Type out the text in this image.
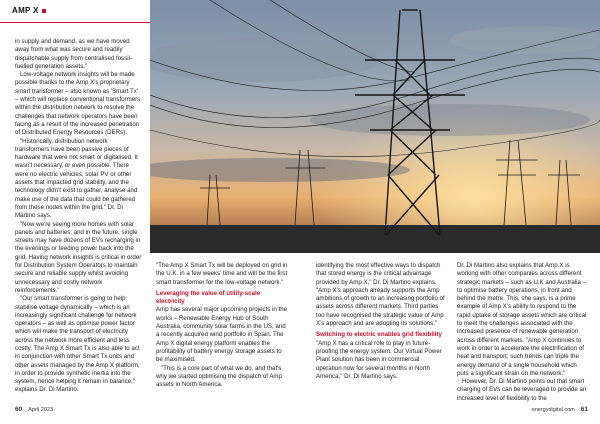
AMP X

in supply and demand, as we have moved away from what was secure and readily dispatchable supply from centralised fossil-fuelled generation assets."

Low-voltage network insights will be made possible thanks to the Amp X's proprietary smart transformer – also known as 'Smart Tx' – which will replace conventional transformers within the distribution network to resolve the challenges that network operators have been facing as a result of the increased penetration of Distributed Energy Resources (DERs).

"Historically, distribution network transformers have been passive pieces of hardware that were not smart or digitalised. It wasn't necessary, or even possible. There were no electric vehicles, solar PV or other assets that impacted grid stability, and the technology didn't exist to gather, analyse and make use of the data that could be gathered from these nodes within the grid," Dr. Di Martino says.

"Now we're seeing more homes with solar panels and batteries, and in the future, single streets may have dozens of EVs recharging in the evenings or feeding power back into the grid. Having network insights is critical in order for Distribution System Operators to maintain secure and reliable supply whilst avoiding unnecessary and costly network reinforcements."

"Our smart transformer is going to help stabilise voltage dynamically – which is an increasingly significant challenge for network operators – as well as optimise power factor which will make the transport of electricity across the network more efficient and less costly. The Amp X Smart Tx is also able to act in conjunction with other Smart Tx units and other assets managed by the Amp X platform, in order to provide synthetic inertia into the system, hence helping it remain in balance," explains Dr. Di Martino.

"The Amp X Smart Tx will be deployed on grid in the U.K. in a few weeks' time and will be the first smart transformer for the low-voltage network."

Leveraging the value of utility-scale electricity

Amp has several major upcoming projects in the works – Renewable Energy Hub of South Australia, community solar farms in the US, and a recently acquired wind portfolio in Spain. The Amp X digital energy platform enables the profitability of battery energy storage assets to be maximised.

"This is a core part of what we do, and that's why we started optimising the dispatch of Amp assets in North America,

identifying the most effective ways to dispatch that stored energy is the critical advantage provided by Amp X," Dr. Di Martino explains. "Amp X's approach already supports the Amp ambitions of growth to an increasing portfolio of assets across different markets. Third parties too have recognised the strategic value of Amp X's approach and are adopting its solutions."

Switching to electric enables grid flexibility

"Amp X has a critical role to play in future-proofing the energy system. Our Virtual Power Plant solution has been in commercial operation now for several months in North America," Dr. Di Martino says.

Dr. Di Martino also explains that Amp X is working with other companies across different strategic markets – such as U.K and Australia – to optimise battery operations, in front and behind the metre. This, she says, is a prime example of Amp X's ability to respond to the rapid uptake of storage assets which are critical to meet the challenges associated with the increased presence of renewable generation across different markets. "Amp X continues to work in order to accelerate the electrification of heat and transport; such trends can triple the energy demand of a single household which puts a significant strain on the network."

However, Dr. Di Martino points out that smart charging of EVs can be leveraged to provide an increased level of flexibility to the

60 April 2023	energydigital.com 61
